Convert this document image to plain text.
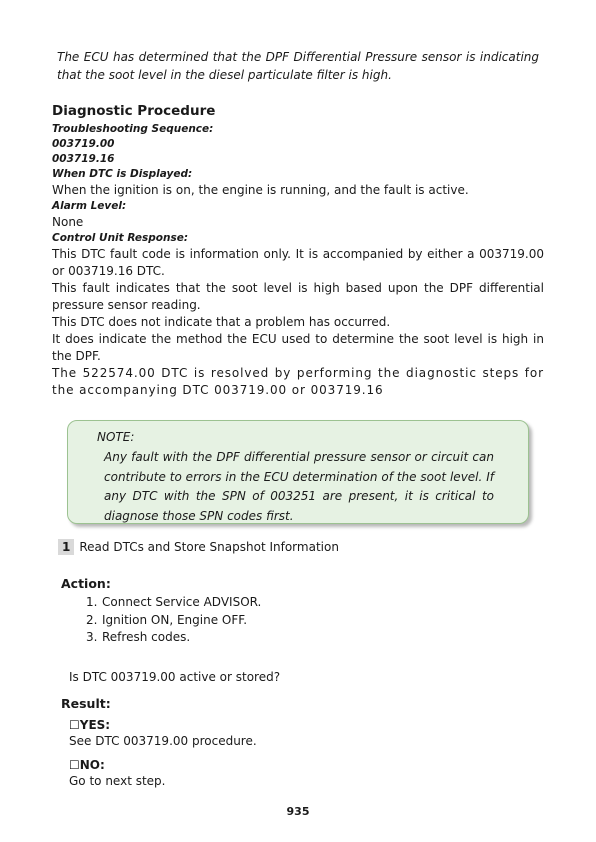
The ECU has determined that the DPF Differential Pressure sensor is indicating that the soot level in the diesel particulate filter is high.
Diagnostic Procedure
Troubleshooting Sequence:
003719.00
003719.16
When DTC is Displayed:
When the ignition is on, the engine is running, and the fault is active.
Alarm Level:
None
Control Unit Response:
This DTC fault code is information only. It is accompanied by either a 003719.00 or 003719.16 DTC.
This fault indicates that the soot level is high based upon the DPF differential pressure sensor reading.
This DTC does not indicate that a problem has occurred.
It does indicate the method the ECU used to determine the soot level is high in the DPF.
The 522574.00 DTC is resolved by performing the diagnostic steps for the accompanying DTC 003719.00 or 003719.16
NOTE:
Any fault with the DPF differential pressure sensor or circuit can contribute to errors in the ECU determination of the soot level. If any DTC with the SPN of 003251 are present, it is critical to diagnose those SPN codes first.
1 Read DTCs and Store Snapshot Information
Action:
1. Connect Service ADVISOR.
2. Ignition ON, Engine OFF.
3. Refresh codes.
Is DTC 003719.00 active or stored?
Result:
☐YES:
See DTC 003719.00 procedure.
☐NO:
Go to next step.
935
